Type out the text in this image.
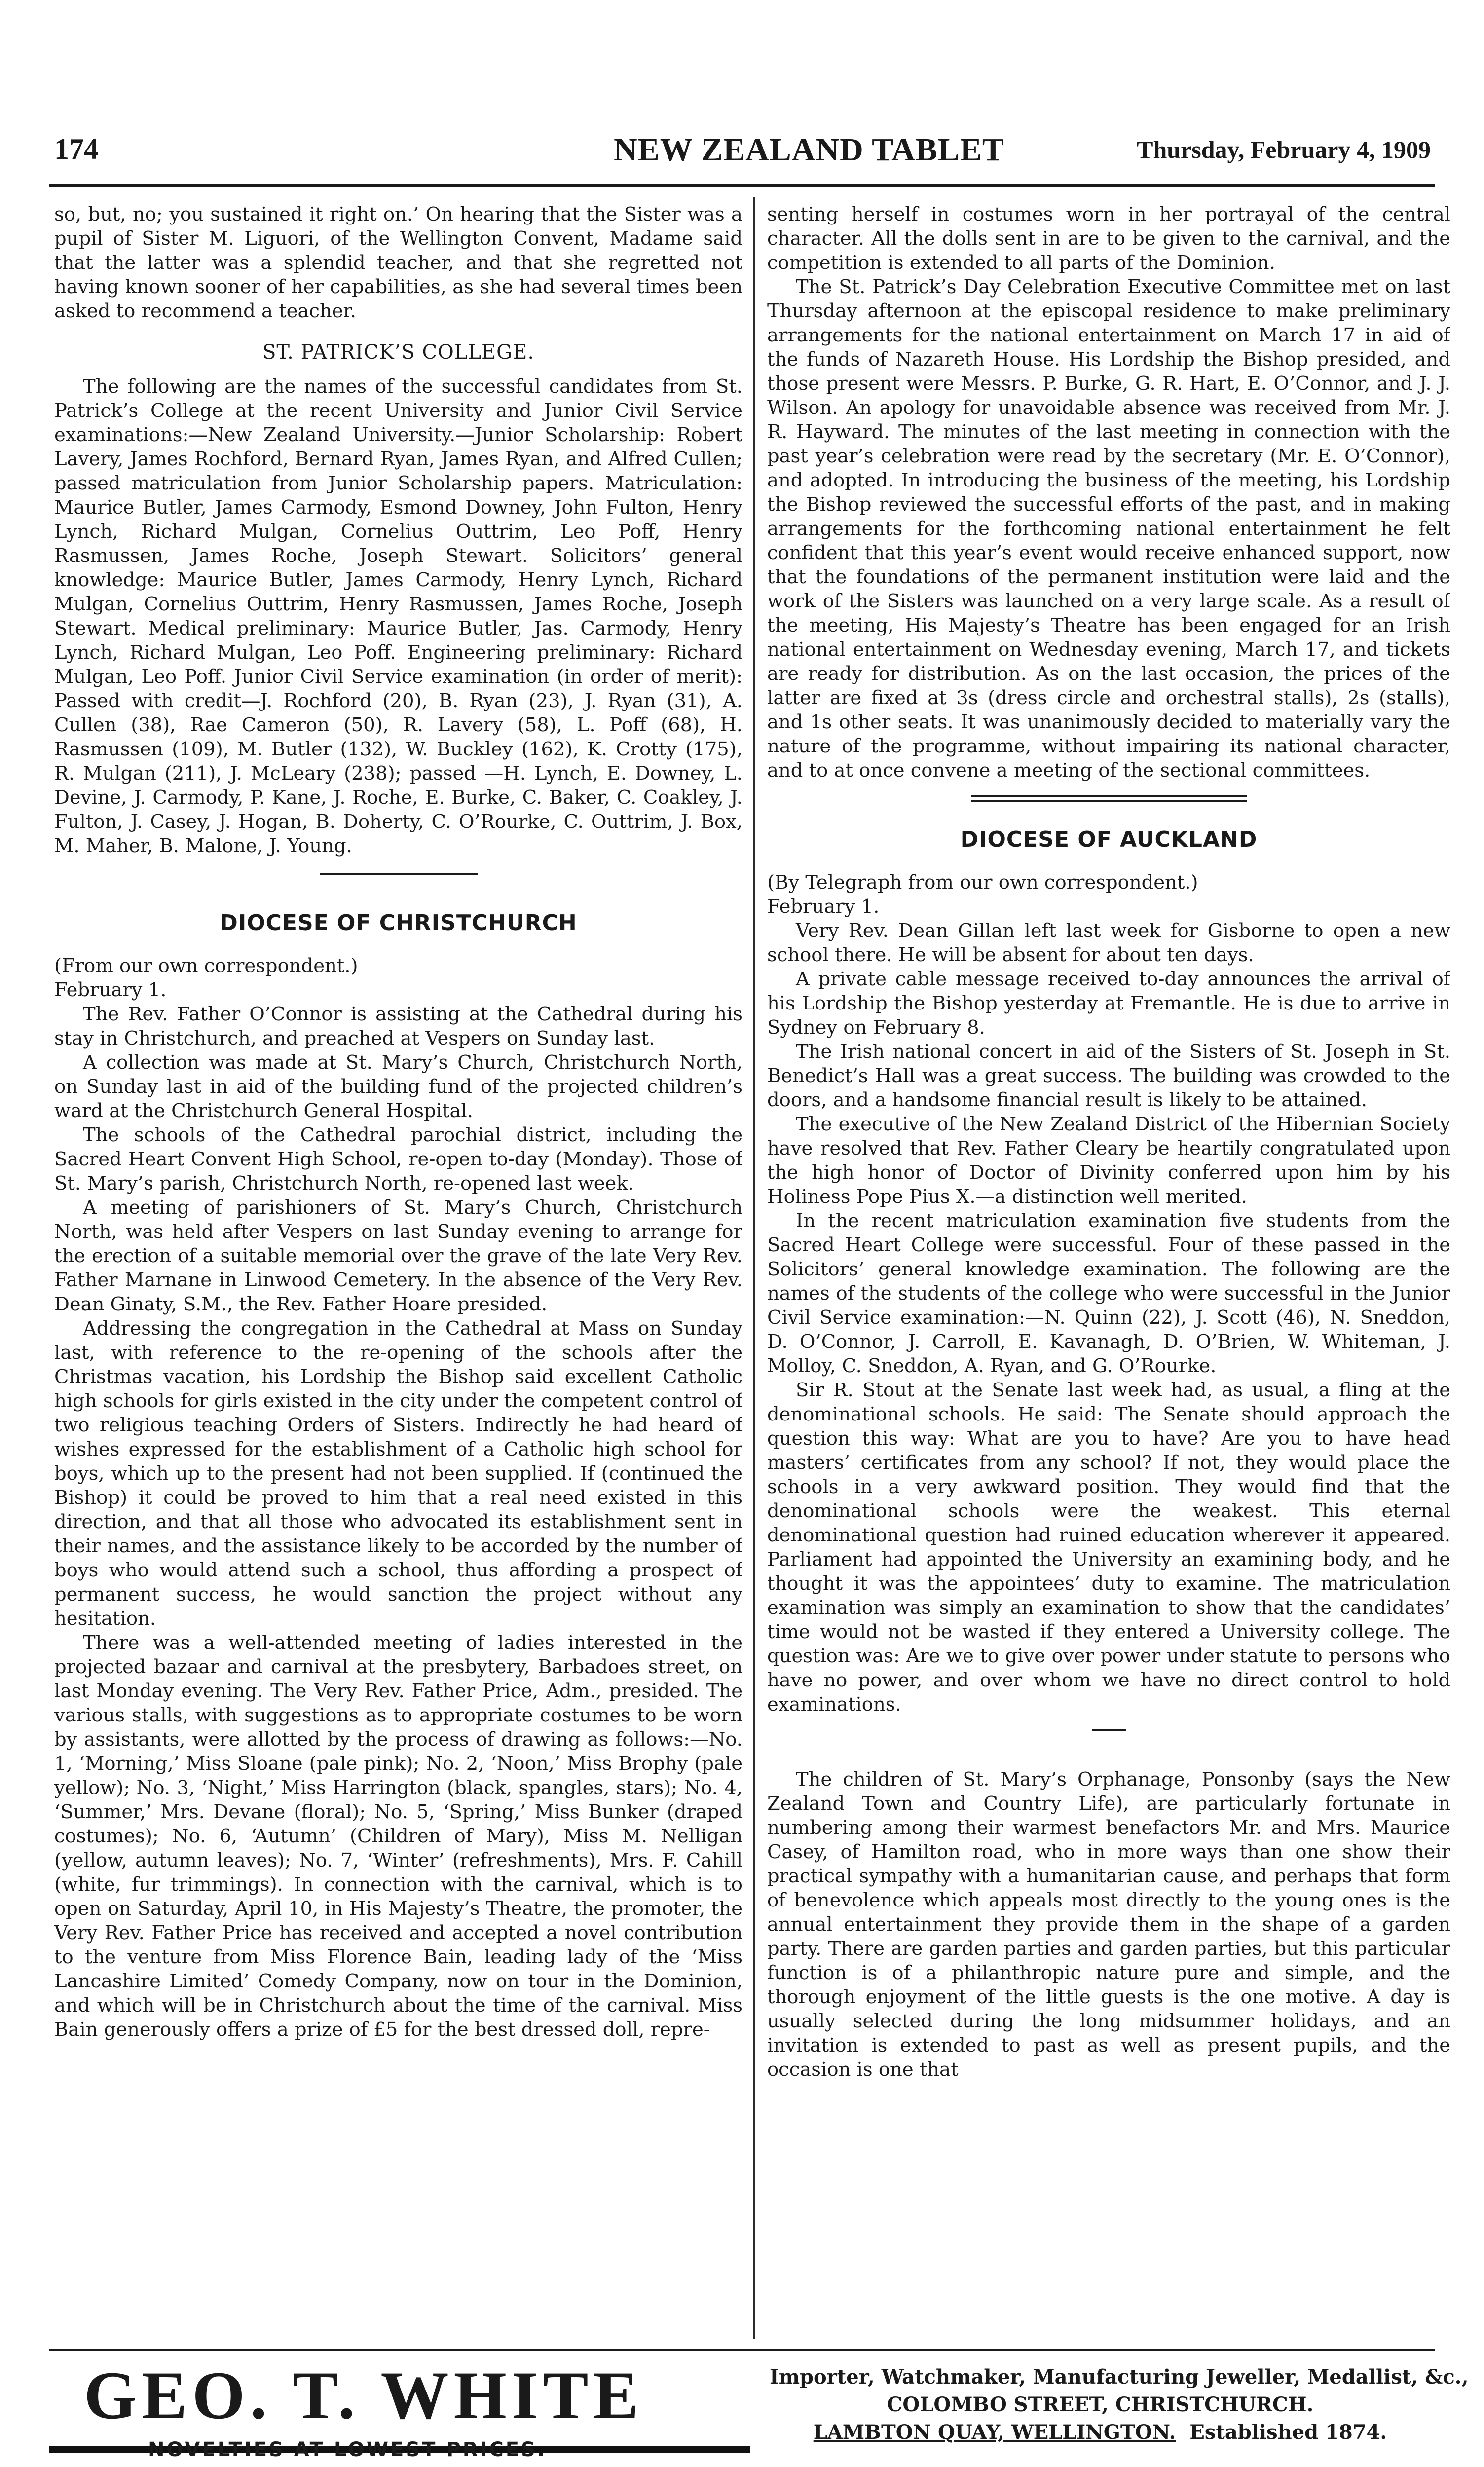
174	NEW ZEALAND TABLET	Thursday, February 4, 1909

so, but, no; you sustained it right on.’ On hearing that the Sister was a pupil of Sister M. Liguori, of the Wellington Convent, Madame said that the latter was a splendid teacher, and that she regretted not having known sooner of her capabilities, as she had several times been asked to recommend a teacher.

ST. PATRICK’S COLLEGE.

The following are the names of the successful candidates from St. Patrick’s College at the recent University and Junior Civil Service examinations:—New Zealand University.—Junior Scholarship: Robert Lavery, James Rochford, Bernard Ryan, James Ryan, and Alfred Cullen; passed matriculation from Junior Scholarship papers. Matriculation: Maurice Butler, James Carmody, Esmond Downey, John Fulton, Henry Lynch, Richard Mulgan, Cornelius Outtrim, Leo Poff, Henry Rasmussen, James Roche, Joseph Stewart. Solicitors’ general knowledge: Maurice Butler, James Carmody, Henry Lynch, Richard Mulgan, Cornelius Outtrim, Henry Rasmussen, James Roche, Joseph Stewart. Medical preliminary: Maurice Butler, Jas. Carmody, Henry Lynch, Richard Mulgan, Leo Poff. Engineering preliminary: Richard Mulgan, Leo Poff. Junior Civil Service examination (in order of merit): Passed with credit—J. Rochford (20), B. Ryan (23), J. Ryan (31), A. Cullen (38), Rae Cameron (50), R. Lavery (58), L. Poff (68), H. Rasmussen (109), M. Butler (132), W. Buckley (162), K. Crotty (175), R. Mulgan (211), J. McLeary (238); passed —H. Lynch, E. Downey, L. Devine, J. Carmody, P. Kane, J. Roche, E. Burke, C. Baker, C. Coakley, J. Fulton, J. Casey, J. Hogan, B. Doherty, C. O’Rourke, C. Outtrim, J. Box, M. Maher, B. Malone, J. Young.

DIOCESE OF CHRISTCHURCH

(From our own correspondent.)

February 1.

The Rev. Father O’Connor is assisting at the Cathedral during his stay in Christchurch, and preached at Vespers on Sunday last.

A collection was made at St. Mary’s Church, Christchurch North, on Sunday last in aid of the building fund of the projected children’s ward at the Christchurch General Hospital.

The schools of the Cathedral parochial district, including the Sacred Heart Convent High School, re-open to-day (Monday). Those of St. Mary’s parish, Christchurch North, re-opened last week.

A meeting of parishioners of St. Mary’s Church, Christchurch North, was held after Vespers on last Sunday evening to arrange for the erection of a suitable memorial over the grave of the late Very Rev. Father Marnane in Linwood Cemetery. In the absence of the Very Rev. Dean Ginaty, S.M., the Rev. Father Hoare presided.

Addressing the congregation in the Cathedral at Mass on Sunday last, with reference to the re-opening of the schools after the Christmas vacation, his Lordship the Bishop said excellent Catholic high schools for girls existed in the city under the competent control of two religious teaching Orders of Sisters. Indirectly he had heard of wishes expressed for the establishment of a Catholic high school for boys, which up to the present had not been supplied. If (continued the Bishop) it could be proved to him that a real need existed in this direction, and that all those who advocated its establishment sent in their names, and the assistance likely to be accorded by the number of boys who would attend such a school, thus affording a prospect of permanent success, he would sanction the project without any hesitation.

There was a well-attended meeting of ladies interested in the projected bazaar and carnival at the presbytery, Barbadoes street, on last Monday evening. The Very Rev. Father Price, Adm., presided. The various stalls, with suggestions as to appropriate costumes to be worn by assistants, were allotted by the process of drawing as follows:—No. 1, ‘Morning,’ Miss Sloane (pale pink); No. 2, ‘Noon,’ Miss Brophy (pale yellow); No. 3, ‘Night,’ Miss Harrington (black, spangles, stars); No. 4, ‘Summer,’ Mrs. Devane (floral); No. 5, ‘Spring,’ Miss Bunker (draped costumes); No. 6, ‘Autumn’ (Children of Mary), Miss M. Nelligan (yellow, autumn leaves); No. 7, ‘Winter’ (refreshments), Mrs. F. Cahill (white, fur trimmings). In connection with the carnival, which is to open on Saturday, April 10, in His Majesty’s Theatre, the promoter, the Very Rev. Father Price has received and accepted a novel contribution to the venture from Miss Florence Bain, leading lady of the ‘Miss Lancashire Limited’ Comedy Company, now on tour in the Dominion, and which will be in Christchurch about the time of the carnival. Miss Bain generously offers a prize of £5 for the best dressed doll, repre-

senting herself in costumes worn in her portrayal of the central character. All the dolls sent in are to be given to the carnival, and the competition is extended to all parts of the Dominion.

The St. Patrick’s Day Celebration Executive Committee met on last Thursday afternoon at the episcopal residence to make preliminary arrangements for the national entertainment on March 17 in aid of the funds of Nazareth House. His Lordship the Bishop presided, and those present were Messrs. P. Burke, G. R. Hart, E. O’Connor, and J. J. Wilson. An apology for unavoidable absence was received from Mr. J. R. Hayward. The minutes of the last meeting in connection with the past year’s celebration were read by the secretary (Mr. E. O’Connor), and adopted. In introducing the business of the meeting, his Lordship the Bishop reviewed the successful efforts of the past, and in making arrangements for the forthcoming national entertainment he felt confident that this year’s event would receive enhanced support, now that the foundations of the permanent institution were laid and the work of the Sisters was launched on a very large scale. As a result of the meeting, His Majesty’s Theatre has been engaged for an Irish national entertainment on Wednesday evening, March 17, and tickets are ready for distribution. As on the last occasion, the prices of the latter are fixed at 3s (dress circle and orchestral stalls), 2s (stalls), and 1s other seats. It was unanimously decided to materially vary the nature of the programme, without impairing its national character, and to at once convene a meeting of the sectional committees.

DIOCESE OF AUCKLAND

(By Telegraph from our own correspondent.)

February 1.

Very Rev. Dean Gillan left last week for Gisborne to open a new school there. He will be absent for about ten days.

A private cable message received to-day announces the arrival of his Lordship the Bishop yesterday at Fremantle. He is due to arrive in Sydney on February 8.

The Irish national concert in aid of the Sisters of St. Joseph in St. Benedict’s Hall was a great success. The building was crowded to the doors, and a handsome financial result is likely to be attained.

The executive of the New Zealand District of the Hibernian Society have resolved that Rev. Father Cleary be heartily congratulated upon the high honor of Doctor of Divinity conferred upon him by his Holiness Pope Pius X.—a distinction well merited.

In the recent matriculation examination five students from the Sacred Heart College were successful. Four of these passed in the Solicitors’ general knowledge examination. The following are the names of the students of the college who were successful in the Junior Civil Service examination:—N. Quinn (22), J. Scott (46), N. Sneddon, D. O’Connor, J. Carroll, E. Kavanagh, D. O’Brien, W. Whiteman, J. Molloy, C. Sneddon, A. Ryan, and G. O’Rourke.

Sir R. Stout at the Senate last week had, as usual, a fling at the denominational schools. He said: The Senate should approach the question this way: What are you to have? Are you to have head masters’ certificates from any school? If not, they would place the schools in a very awkward position. They would find that the denominational schools were the weakest. This eternal denominational question had ruined education wherever it appeared. Parliament had appointed the University an examining body, and he thought it was the appointees’ duty to examine. The matriculation examination was simply an examination to show that the candidates’ time would not be wasted if they entered a University college. The question was: Are we to give over power under statute to persons who have no power, and over whom we have no direct control to hold examinations.

The children of St. Mary’s Orphanage, Ponsonby (says the New Zealand Town and Country Life), are particularly fortunate in numbering among their warmest benefactors Mr. and Mrs. Maurice Casey, of Hamilton road, who in more ways than one show their practical sympathy with a humanitarian cause, and perhaps that form of benevolence which appeals most directly to the young ones is the annual entertainment they provide them in the shape of a garden party. There are garden parties and garden parties, but this particular function is of a philanthropic nature pure and simple, and the thorough enjoyment of the little guests is the one motive. A day is usually selected during the long midsummer holidays, and an invitation is extended to past as well as present pupils, and the occasion is one that

GEO. T. WHITE
NOVELTIES AT LOWEST PRICES.
Importer, Watchmaker, Manufacturing Jeweller, Medallist, &c.,
COLOMBO STREET, CHRISTCHURCH.
LAMBTON QUAY, WELLINGTON. Established 1874.
